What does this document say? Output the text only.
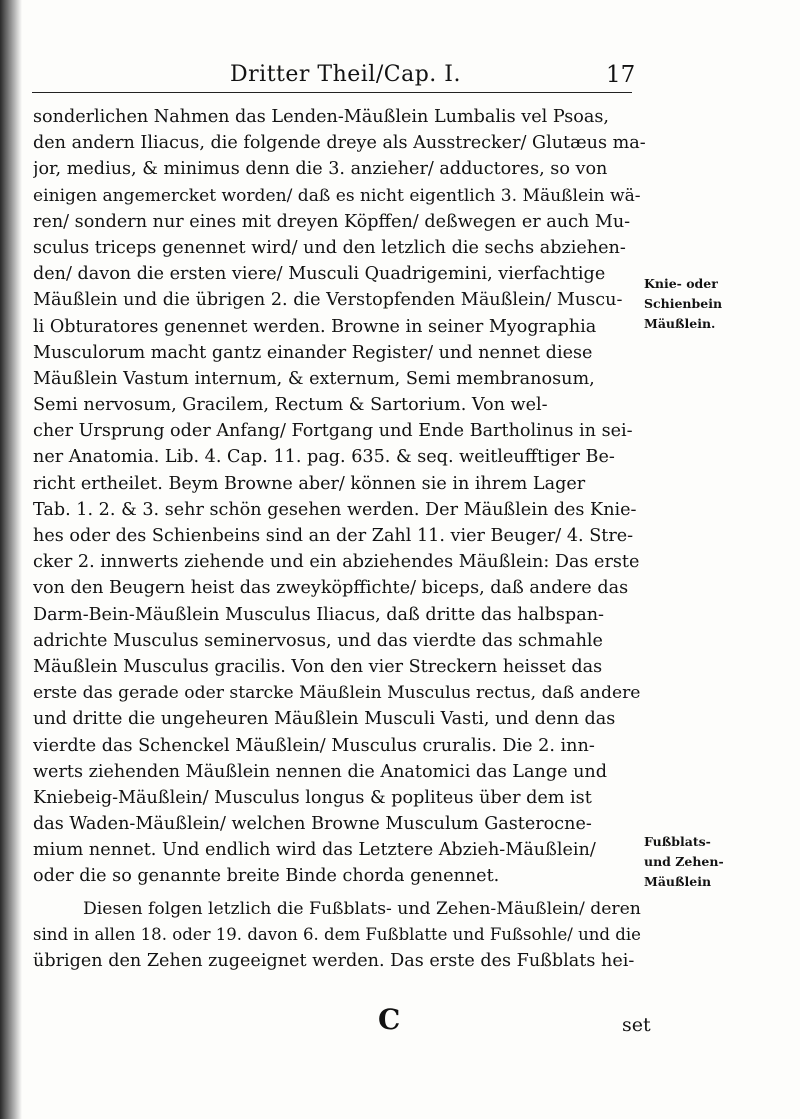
Dritter Theil/Cap. I.	17
sonderlichen Nahmen das Lenden-Mäußlein Lumbalis vel Psoas,
den andern Iliacus, die folgende dreye als Ausstrecker/ Glutæus ma-
jor, medius, & minimus denn die 3. anzieher/ adductores, so von
einigen angemercket worden/ daß es nicht eigentlich 3. Mäußlein wä-
ren/ sondern nur eines mit dreyen Köpffen/ deßwegen er auch Mu-
sculus triceps genennet wird/ und den letzlich die sechs abziehen-
den/ davon die ersten viere/ Musculi Quadrigemini, vierfachtige
Mäußlein und die übrigen 2. die Verstopfenden Mäußlein/ Muscu-
li Obturatores genennet werden. Browne in seiner Myographia
Musculorum macht gantz einander Register/ und nennet diese
Mäußlein Vastum internum, & externum, Semi membranosum,
Semi nervosum, Gracilem, Rectum & Sartorium. Von wel-
cher Ursprung oder Anfang/ Fortgang und Ende Bartholinus in sei-
ner Anatomia. Lib. 4. Cap. 11. pag. 635. & seq. weitleufftiger Be-
richt ertheilet. Beym Browne aber/ können sie in ihrem Lager
Tab. 1. 2. & 3. sehr schön gesehen werden. Der Mäußlein des Knie-
hes oder des Schienbeins sind an der Zahl 11. vier Beuger/ 4. Stre-
cker 2. innwerts ziehende und ein abziehendes Mäußlein: Das erste
von den Beugern heist das zweyköpffichte/ biceps, daß andere das
Darm-Bein-Mäußlein Musculus Iliacus, daß dritte das halbspan-
adrichte Musculus seminervosus, und das vierdte das schmahle
Mäußlein Musculus gracilis. Von den vier Streckern heisset das
erste das gerade oder starcke Mäußlein Musculus rectus, daß andere
und dritte die ungeheuren Mäußlein Musculi Vasti, und denn das
vierdte das Schenckel Mäußlein/ Musculus cruralis. Die 2. inn-
werts ziehenden Mäußlein nennen die Anatomici das Lange und
Kniebeig-Mäußlein/ Musculus longus & popliteus über dem ist
das Waden-Mäußlein/ welchen Browne Musculum Gasterocne-
mium nennet. Und endlich wird das Letztere Abzieh-Mäußlein/
oder die so genannte breite Binde chorda genennet.
Diesen folgen letzlich die Fußblats- und Zehen-Mäußlein/ deren
sind in allen 18. oder 19. davon 6. dem Fußblatte und Fußsohle/ und die
übrigen den Zehen zugeeignet werden. Das erste des Fußblats hei-
C	set
Knie- oder
Schienbein
Mäußlein.
Fußblats-
und Zehen-
Mäußlein
